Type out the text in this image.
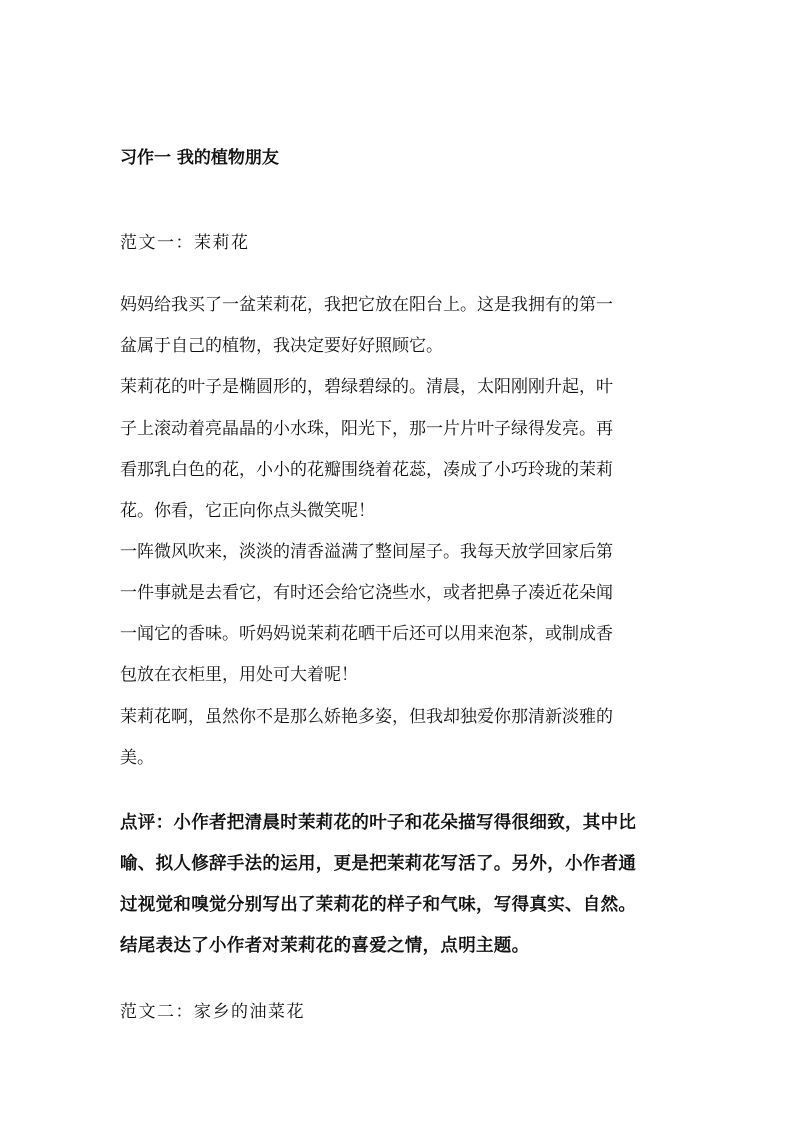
习作一 我的植物朋友
范文一：茉莉花
妈妈给我买了一盆茉莉花，我把它放在阳台上。这是我拥有的第一
盆属于自己的植物，我决定要好好照顾它。
茉莉花的叶子是椭圆形的，碧绿碧绿的。清晨，太阳刚刚升起，叶
子上滚动着亮晶晶的小水珠，阳光下，那一片片叶子绿得发亮。再
看那乳白色的花，小小的花瓣围绕着花蕊，凑成了小巧玲珑的茉莉
花。你看，它正向你点头微笑呢！
一阵微风吹来，淡淡的清香溢满了整间屋子。我每天放学回家后第
一件事就是去看它，有时还会给它浇些水，或者把鼻子凑近花朵闻
一闻它的香味。听妈妈说茉莉花晒干后还可以用来泡茶，或制成香
包放在衣柜里，用处可大着呢！
茉莉花啊，虽然你不是那么娇艳多姿，但我却独爱你那清新淡雅的
美。
点评：小作者把清晨时茉莉花的叶子和花朵描写得很细致，其中比
喻、拟人修辞手法的运用，更是把茉莉花写活了。另外，小作者通
过视觉和嗅觉分别写出了茉莉花的样子和气味，写得真实、自然。
结尾表达了小作者对茉莉花的喜爱之情，点明主题。
范文二：家乡的油菜花
